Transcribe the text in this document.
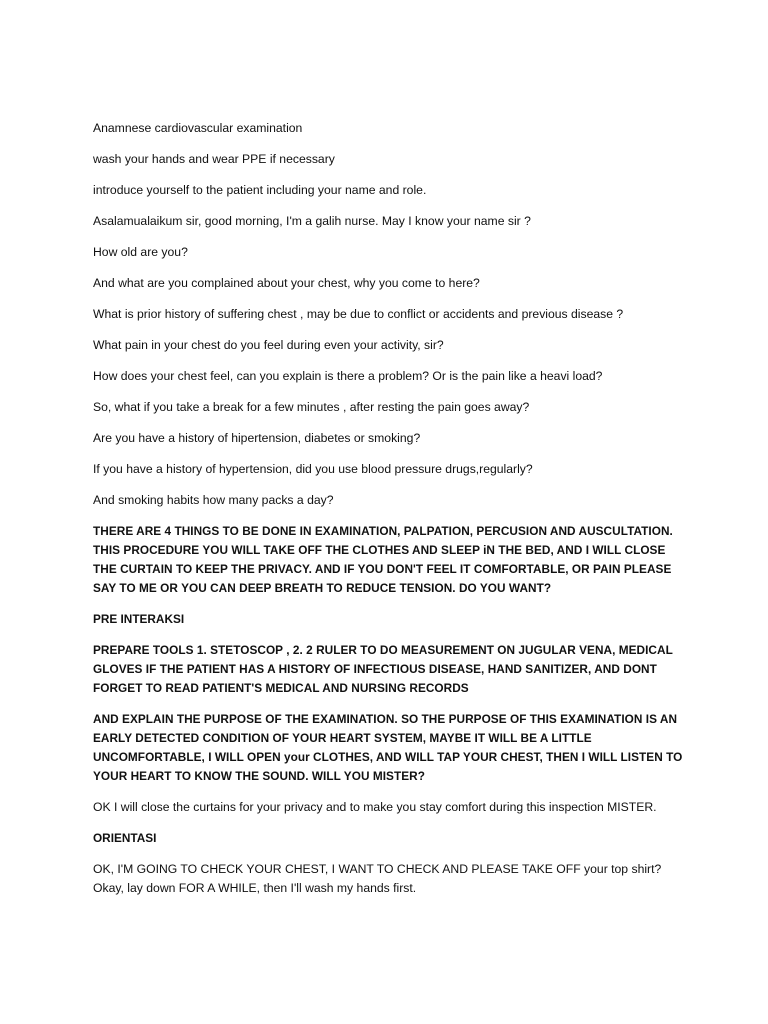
Anamnese cardiovascular examination

wash your hands and wear PPE if necessary

introduce yourself to the patient including your name and role.

Asalamualaikum sir, good morning, I'm a galih nurse. May I know your name sir ?

How old are you?

And what are you complained about your chest, why you come to here?

What is prior history of suffering chest , may be due to conflict or accidents and previous disease ?

What pain in your chest do you feel during even your activity, sir?

How does your chest feel, can you explain is there a problem? Or is the pain like a heavi load?

So, what if you take a break for a few minutes , after resting the pain goes away?

Are you have a history of hipertension, diabetes or smoking?

If you have a history of hypertension, did you use blood pressure drugs,regularly?

And smoking habits how many packs a day?

THERE ARE 4 THINGS TO BE DONE IN EXAMINATION, PALPATION, PERCUSION AND AUSCULTATION. THIS PROCEDURE YOU WILL TAKE OFF THE CLOTHES AND SLEEP iN THE BED, AND I WILL CLOSE THE CURTAIN TO KEEP THE PRIVACY. AND IF YOU DON'T FEEL IT COMFORTABLE, OR PAIN PLEASE SAY TO ME OR YOU CAN DEEP BREATH TO REDUCE TENSION. DO YOU WANT?

PRE INTERAKSI

PREPARE TOOLS 1. STETOSCOP , 2. 2 RULER TO DO MEASUREMENT ON JUGULAR VENA, MEDICAL GLOVES IF THE PATIENT HAS A HISTORY OF INFECTIOUS DISEASE, HAND SANITIZER, AND DONT FORGET TO READ PATIENT'S MEDICAL AND NURSING RECORDS

AND EXPLAIN THE PURPOSE OF THE EXAMINATION. SO THE PURPOSE OF THIS EXAMINATION IS AN EARLY DETECTED CONDITION OF YOUR HEART SYSTEM, MAYBE IT WILL BE A LITTLE UNCOMFORTABLE, I WILL OPEN your CLOTHES, AND WILL TAP YOUR CHEST, THEN I WILL LISTEN TO YOUR HEART TO KNOW THE SOUND. WILL YOU MISTER?

OK I will close the curtains for your privacy and to make you stay comfort during this inspection MISTER.

ORIENTASI

OK, I'M GOING TO CHECK YOUR CHEST, I WANT TO CHECK AND PLEASE TAKE OFF your top shirt? Okay, lay down FOR A WHILE, then I'll wash my hands first.
